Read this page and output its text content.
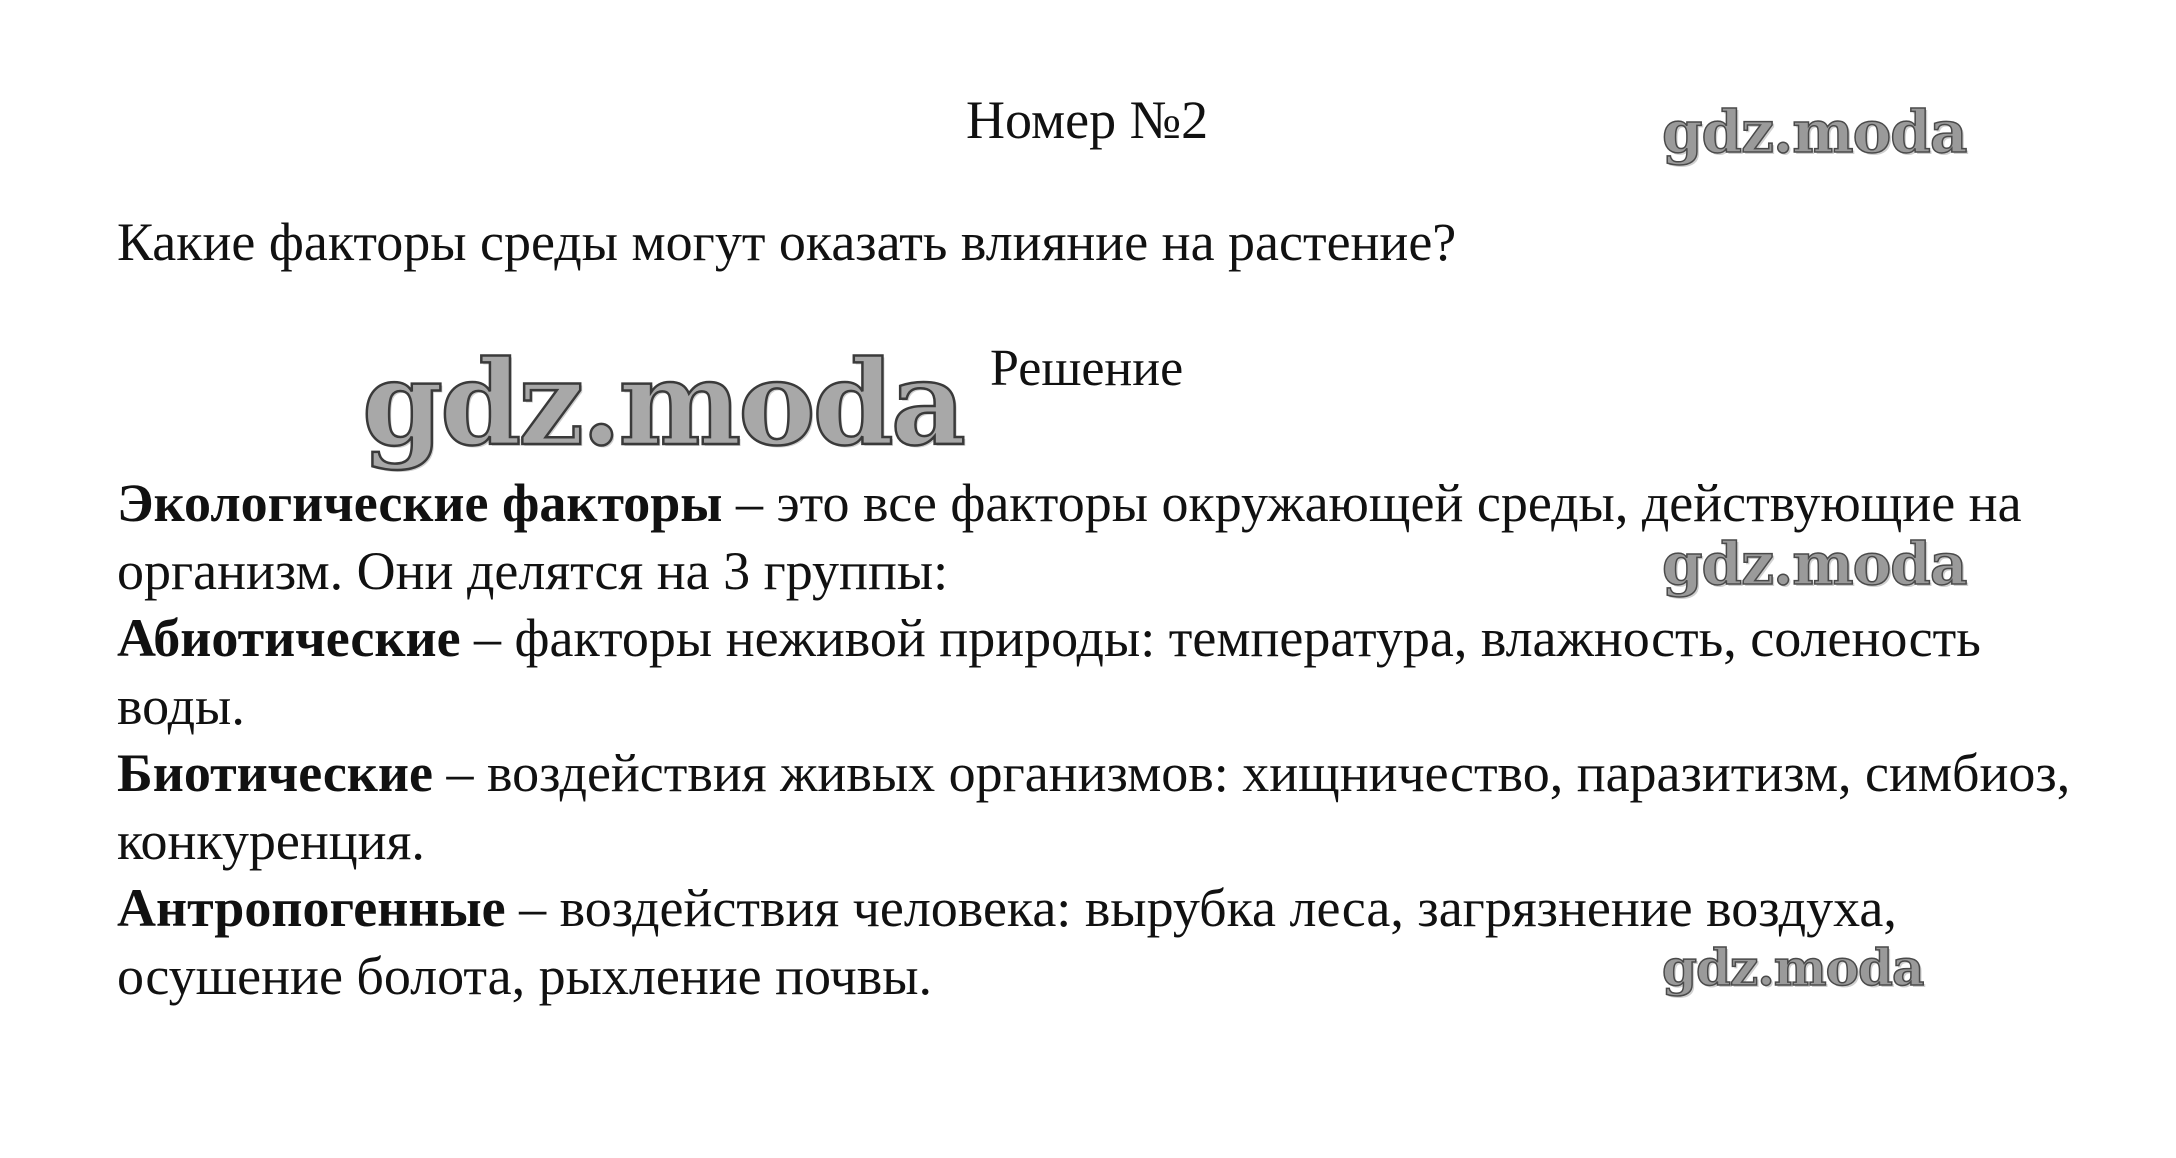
Номер №2
Какие факторы среды могут оказать влияние на растение?
Решение

Экологические факторы – это все факторы окружающей среды, действующие на организм. Они делятся на 3 группы:

Абиотические – факторы неживой природы: температура, влажность, соленость воды.

Биотические – воздействия живых организмов: хищничество, паразитизм, симбиоз, конкуренция.

Антропогенные – воздействия человека: вырубка леса, загрязнение воздуха, осушение болота, рыхление почвы.

gdz.moda
gdz.moda
gdz.moda
gdz.moda
